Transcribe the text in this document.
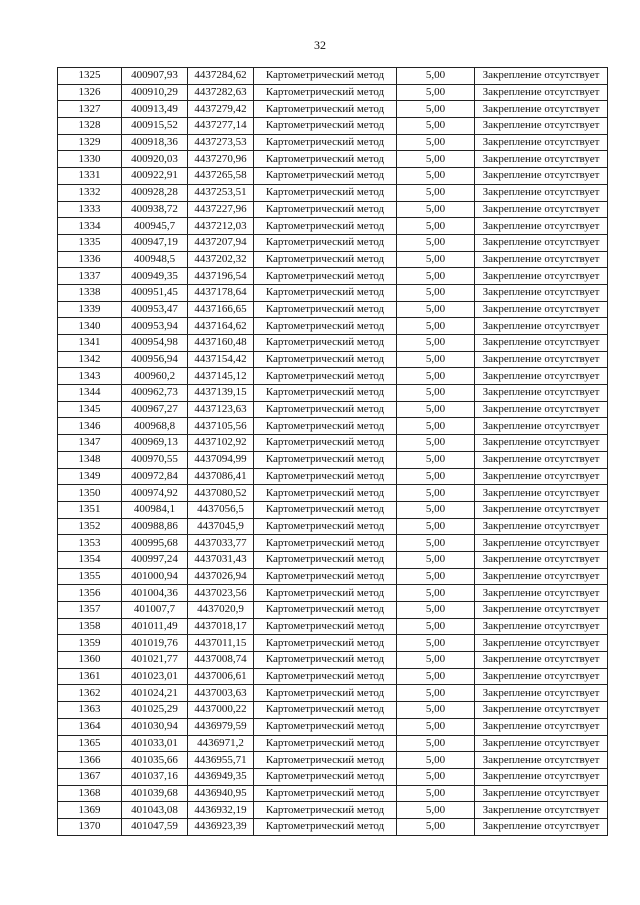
32
1325	400907,93	4437284,62	Картометрический метод	5,00	Закрепление отсутствует
1326	400910,29	4437282,63	Картометрический метод	5,00	Закрепление отсутствует
1327	400913,49	4437279,42	Картометрический метод	5,00	Закрепление отсутствует
1328	400915,52	4437277,14	Картометрический метод	5,00	Закрепление отсутствует
1329	400918,36	4437273,53	Картометрический метод	5,00	Закрепление отсутствует
1330	400920,03	4437270,96	Картометрический метод	5,00	Закрепление отсутствует
1331	400922,91	4437265,58	Картометрический метод	5,00	Закрепление отсутствует
1332	400928,28	4437253,51	Картометрический метод	5,00	Закрепление отсутствует
1333	400938,72	4437227,96	Картометрический метод	5,00	Закрепление отсутствует
1334	400945,7	4437212,03	Картометрический метод	5,00	Закрепление отсутствует
1335	400947,19	4437207,94	Картометрический метод	5,00	Закрепление отсутствует
1336	400948,5	4437202,32	Картометрический метод	5,00	Закрепление отсутствует
1337	400949,35	4437196,54	Картометрический метод	5,00	Закрепление отсутствует
1338	400951,45	4437178,64	Картометрический метод	5,00	Закрепление отсутствует
1339	400953,47	4437166,65	Картометрический метод	5,00	Закрепление отсутствует
1340	400953,94	4437164,62	Картометрический метод	5,00	Закрепление отсутствует
1341	400954,98	4437160,48	Картометрический метод	5,00	Закрепление отсутствует
1342	400956,94	4437154,42	Картометрический метод	5,00	Закрепление отсутствует
1343	400960,2	4437145,12	Картометрический метод	5,00	Закрепление отсутствует
1344	400962,73	4437139,15	Картометрический метод	5,00	Закрепление отсутствует
1345	400967,27	4437123,63	Картометрический метод	5,00	Закрепление отсутствует
1346	400968,8	4437105,56	Картометрический метод	5,00	Закрепление отсутствует
1347	400969,13	4437102,92	Картометрический метод	5,00	Закрепление отсутствует
1348	400970,55	4437094,99	Картометрический метод	5,00	Закрепление отсутствует
1349	400972,84	4437086,41	Картометрический метод	5,00	Закрепление отсутствует
1350	400974,92	4437080,52	Картометрический метод	5,00	Закрепление отсутствует
1351	400984,1	4437056,5	Картометрический метод	5,00	Закрепление отсутствует
1352	400988,86	4437045,9	Картометрический метод	5,00	Закрепление отсутствует
1353	400995,68	4437033,77	Картометрический метод	5,00	Закрепление отсутствует
1354	400997,24	4437031,43	Картометрический метод	5,00	Закрепление отсутствует
1355	401000,94	4437026,94	Картометрический метод	5,00	Закрепление отсутствует
1356	401004,36	4437023,56	Картометрический метод	5,00	Закрепление отсутствует
1357	401007,7	4437020,9	Картометрический метод	5,00	Закрепление отсутствует
1358	401011,49	4437018,17	Картометрический метод	5,00	Закрепление отсутствует
1359	401019,76	4437011,15	Картометрический метод	5,00	Закрепление отсутствует
1360	401021,77	4437008,74	Картометрический метод	5,00	Закрепление отсутствует
1361	401023,01	4437006,61	Картометрический метод	5,00	Закрепление отсутствует
1362	401024,21	4437003,63	Картометрический метод	5,00	Закрепление отсутствует
1363	401025,29	4437000,22	Картометрический метод	5,00	Закрепление отсутствует
1364	401030,94	4436979,59	Картометрический метод	5,00	Закрепление отсутствует
1365	401033,01	4436971,2	Картометрический метод	5,00	Закрепление отсутствует
1366	401035,66	4436955,71	Картометрический метод	5,00	Закрепление отсутствует
1367	401037,16	4436949,35	Картометрический метод	5,00	Закрепление отсутствует
1368	401039,68	4436940,95	Картометрический метод	5,00	Закрепление отсутствует
1369	401043,08	4436932,19	Картометрический метод	5,00	Закрепление отсутствует
1370	401047,59	4436923,39	Картометрический метод	5,00	Закрепление отсутствует
